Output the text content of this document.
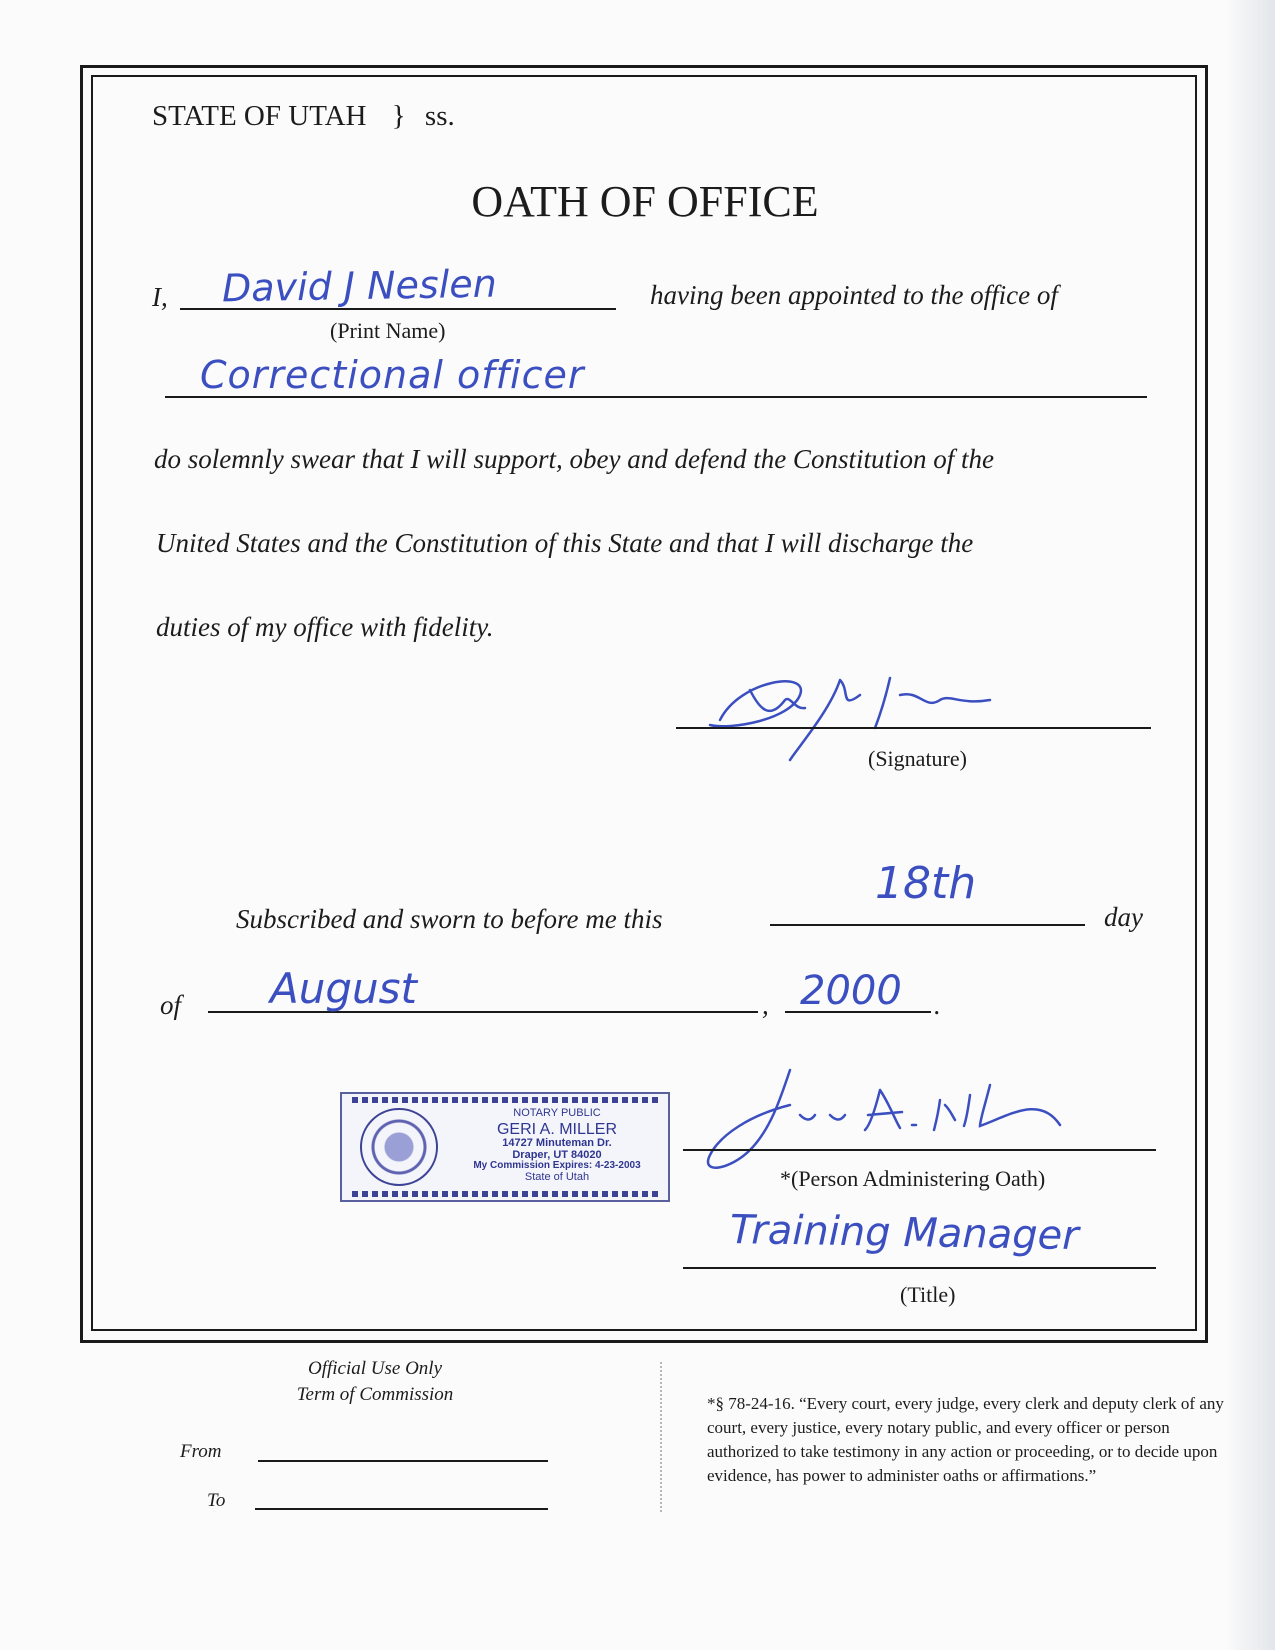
STATE OF UTAH } ss.
OATH OF OFFICE
I, David J Neslen	having been appointed to the office of
(Print Name)
Correctional officer
do solemnly swear that I will support, obey and defend the Constitution of the
United States and the Constitution of this State and that I will discharge the
duties of my office with fidelity.
(Signature)
Subscribed and sworn to before me this
18th
day
of August	, 2000 .
NOTARY PUBLIC
GERI A. MILLER
14727 Minuteman Dr.
Draper, UT 84020
My Commission Expires: 4-23-2003
State of Utah	*(Person Administering Oath)
Training Manager
(Title)
Official Use Only
Term of Commission
From
To
*§ 78-24-16. “Every court, every judge, every clerk and deputy clerk of any court, every justice, every notary public, and every officer or person authorized to take testimony in any action or proceeding, or to decide upon evidence, has power to administer oaths or affirmations.”
